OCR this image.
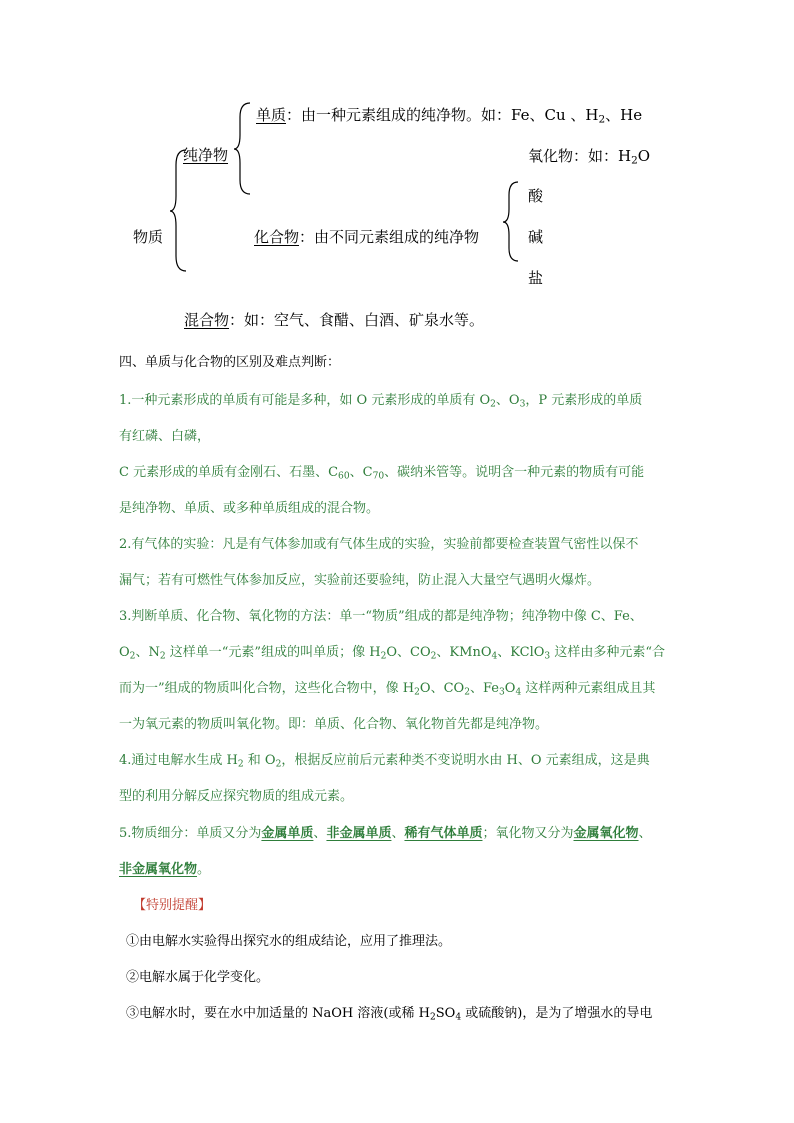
物质
纯净物
单质：由一种元素组成的纯净物。如：Fe、Cu 、$H_2$、He
氧化物：如：$H_2O$
化合物：由不同元素组成的纯净物
酸
碱
盐
混合物：如：空气、食醋、白酒、矿泉水等。
四、单质与化合物的区别及难点判断：
1.一种元素形成的单质有可能是多种，如 O 元素形成的单质有 $O_2$、$O_3$，P 元素形成的单质
有红磷、白磷，
C 元素形成的单质有金刚石、石墨、$C_{60}$、$C_{70}$、碳纳米管等。说明含一种元素的物质有可能
是纯净物、单质、或多种单质组成的混合物。
2.有气体的实验：凡是有气体参加或有气体生成的实验，实验前都要检查装置气密性以保不
漏气；若有可燃性气体参加反应，实验前还要验纯，防止混入大量空气遇明火爆炸。
3.判断单质、化合物、氧化物的方法：单一“物质”组成的都是纯净物；纯净物中像 C、Fe、
$O_2$、$N_2$ 这样单一“元素”组成的叫单质；像 $H_2O$、$CO_2$、KMnO$_4$、KClO$_3$ 这样由多种元素“合
而为一”组成的物质叫化合物，这些化合物中，像 $H_2O$、$CO_2$、$Fe_3O_4$ 这样两种元素组成且其
一为氧元素的物质叫氧化物。即：单质、化合物、氧化物首先都是纯净物。
4.通过电解水生成 $H_2$ 和 $O_2$，根据反应前后元素种类不变说明水由 H、O 元素组成，这是典
型的利用分解反应探究物质的组成元素。
5.物质细分：单质又分为金属单质、非金属单质、稀有气体单质；氧化物又分为金属氧化物、
非金属氧化物。
【特别提醒】
①由电解水实验得出探究水的组成结论，应用了推理法。
②电解水属于化学变化。
③电解水时，要在水中加适量的 NaOH 溶液(或稀 $H_2SO_4$ 或硫酸钠)，是为了增强水的导电
